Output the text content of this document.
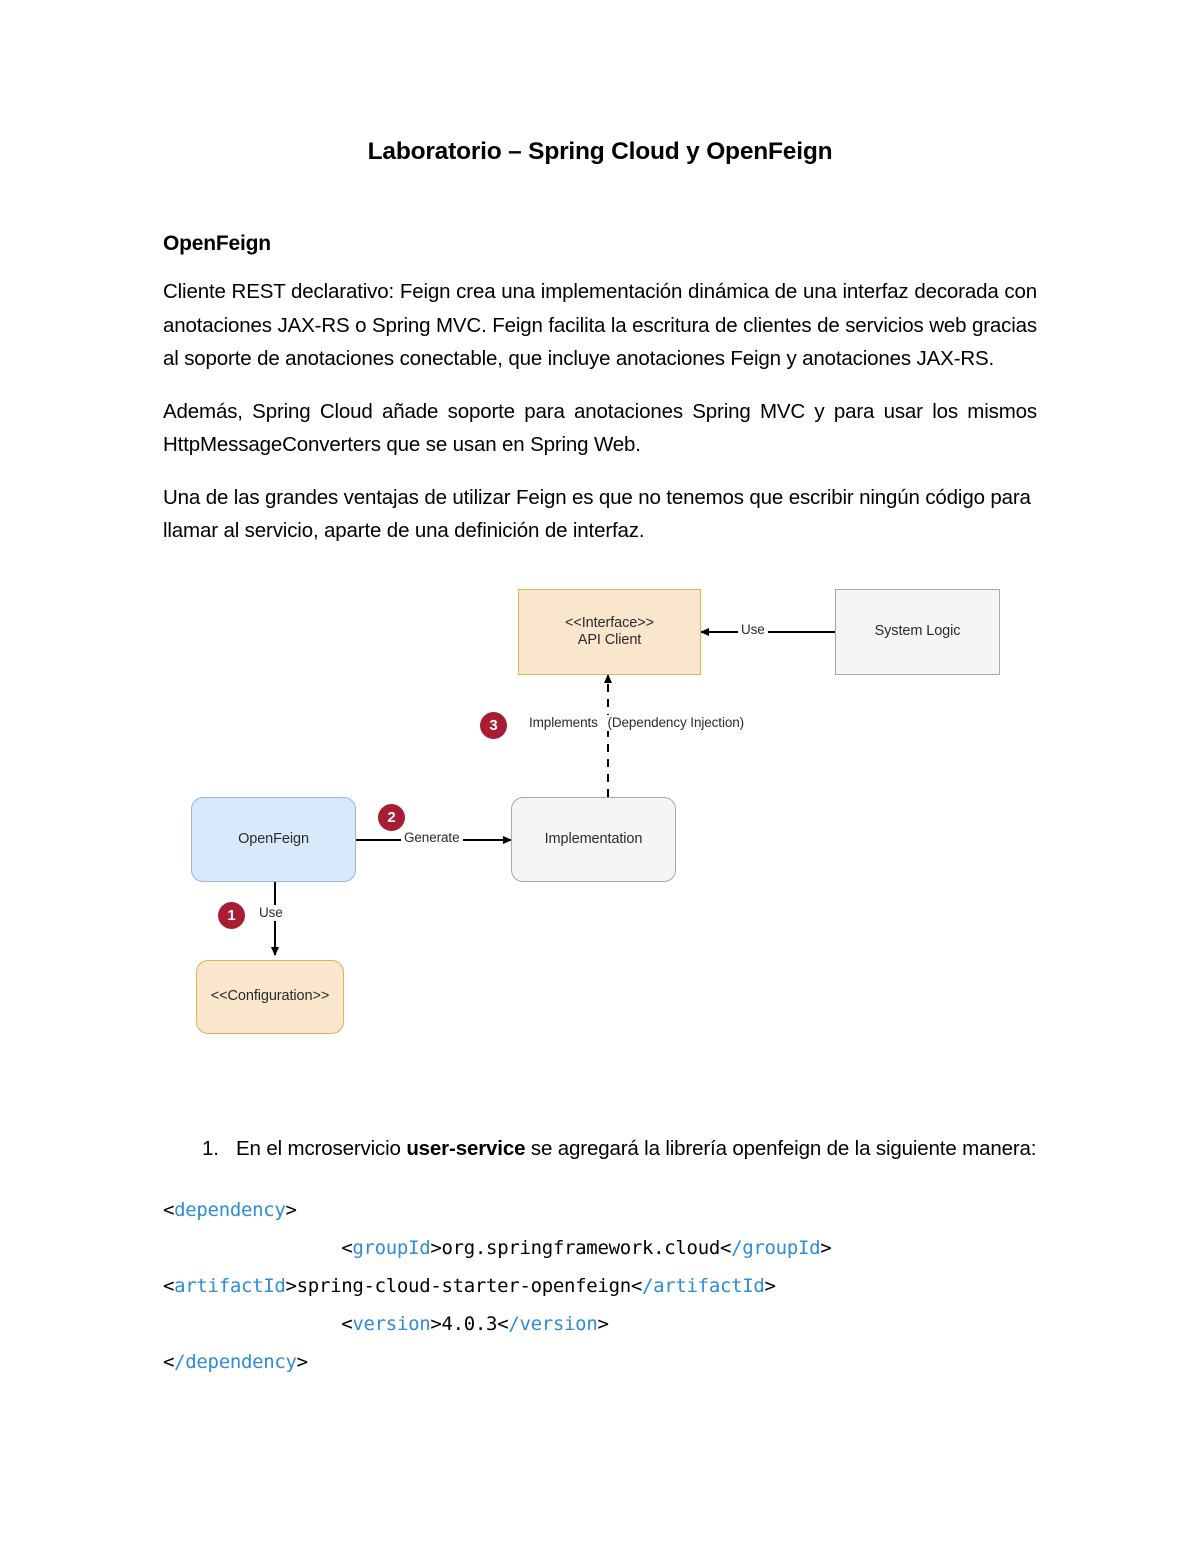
Laboratorio – Spring Cloud y OpenFeign
OpenFeign

Cliente REST declarativo: Feign crea una implementación dinámica de una interfaz decorada con anotaciones JAX-RS o Spring MVC. Feign facilita la escritura de clientes de servicios web gracias al soporte de anotaciones conectable, que incluye anotaciones Feign y anotaciones JAX-RS.

Además, Spring Cloud añade soporte para anotaciones Spring MVC y para usar los mismos HttpMessageConverters que se usan en Spring Web.

Una de las grandes ventajas de utilizar Feign es que no tenemos que escribir ningún código para llamar al servicio, aparte de una definición de interfaz.

<<Interface>>
API Client
System Logic
Use
3	Implements (Dependency Injection)
OpenFeign
2
Generate	Implementation
1	Use
<<Configuration>>
1. En el mcroservicio user-service se agregará la librería openfeign de la siguiente manera:
<dependency>
<groupId>org.springframework.cloud</groupId>
<artifactId>spring-cloud-starter-openfeign</artifactId>
<version>4.0.3</version>
</dependency>
